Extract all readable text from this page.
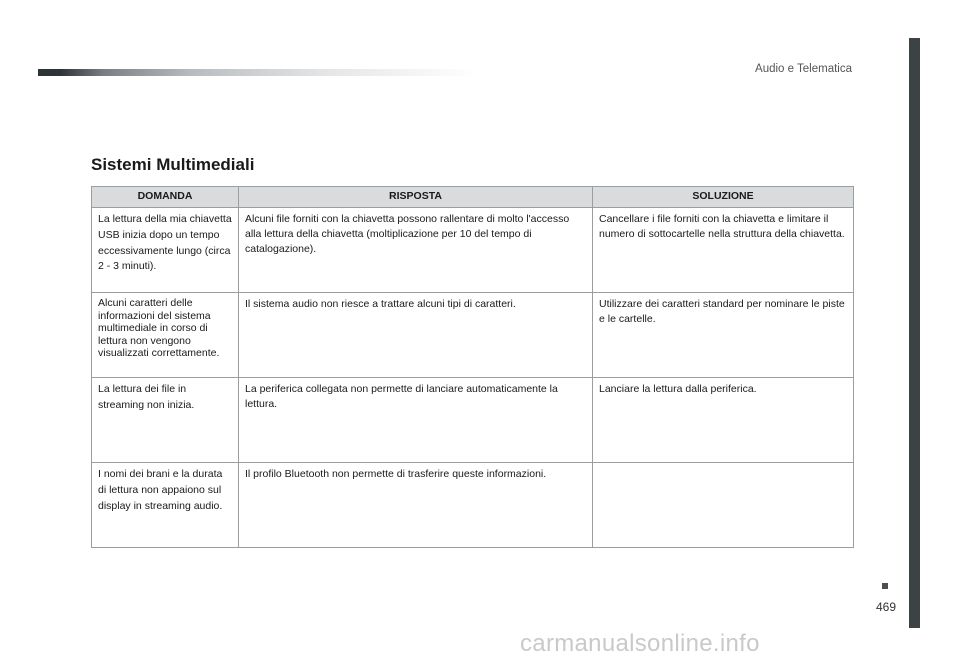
Audio e Telematica
469
Sistemi Multimediali
DOMANDA	RISPOSTA	SOLUZIONE
La lettura della mia chiavetta USB inizia dopo un tempo eccessivamente lungo (circa 2 - 3 minuti).	Alcuni file forniti con la chiavetta possono rallentare di molto l'accesso alla lettura della chiavetta (moltiplicazione per 10 del tempo di catalogazione).	Cancellare i file forniti con la chiavetta e limitare il numero di sottocartelle nella struttura della chiavetta.
Alcuni caratteri delle informazioni del sistema multimediale in corso di lettura non vengono visualizzati correttamente.	Il sistema audio non riesce a trattare alcuni tipi di caratteri.	Utilizzare dei caratteri standard per nominare le piste e le cartelle.
La lettura dei file in streaming non inizia.	La periferica collegata non permette di lanciare automaticamente la lettura.	Lanciare la lettura dalla periferica.
I nomi dei brani e la durata di lettura non appaiono sul display in streaming audio.	Il profilo Bluetooth non permette di trasferire queste informazioni.	
carmanualsonline.info
